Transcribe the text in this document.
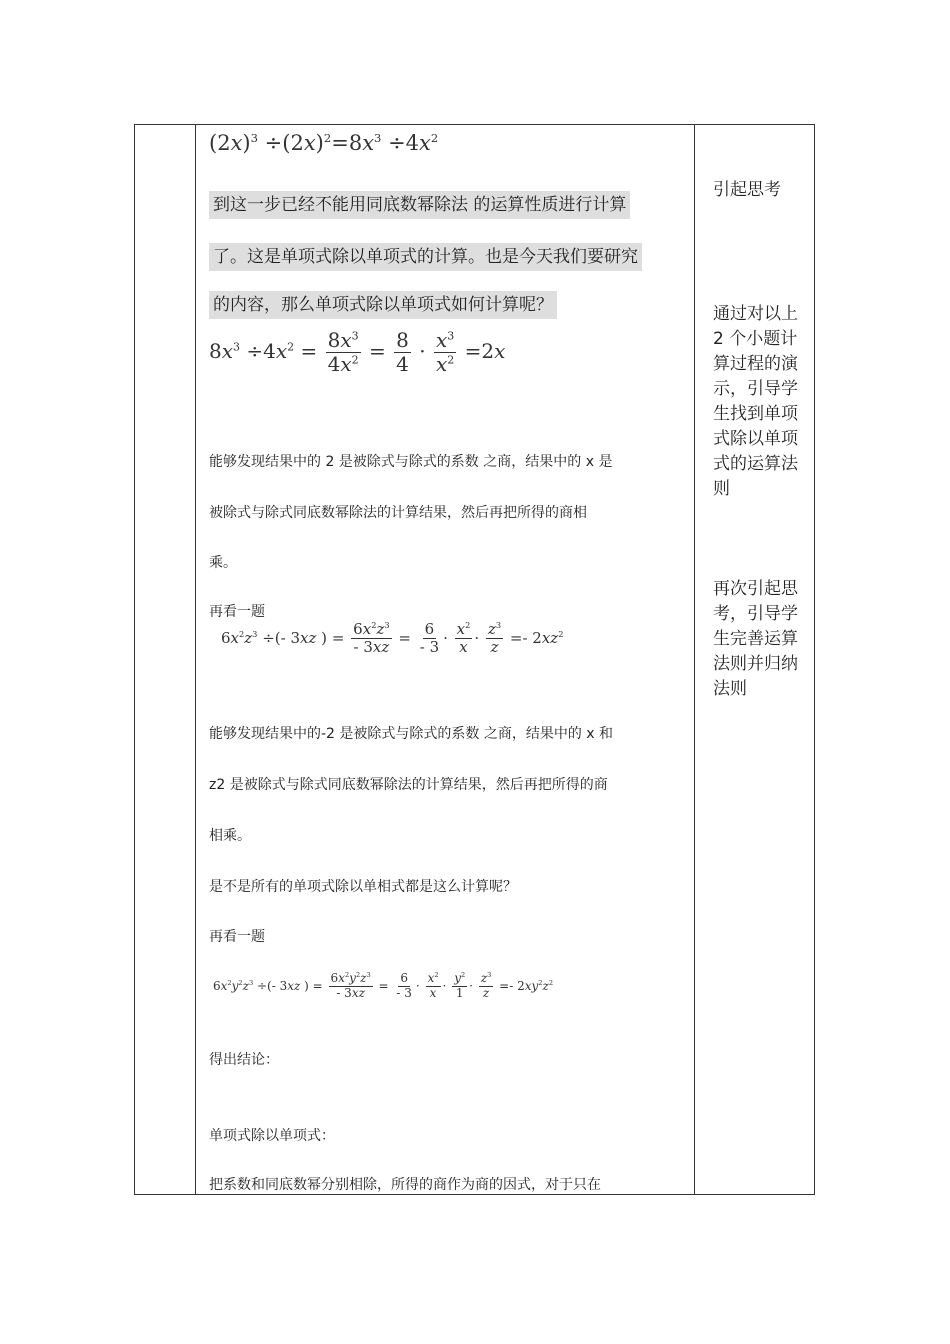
$(2x)^3 \div(2x)^2=8x^3 \div 4x^2$
到这一步已经不能用同底数幂除法 的运算性质进行计算
了。这是单项式除以单项式的计算。也是今天我们要研究
的内容，那么单项式除以单项式如何计算呢？
$8x^3 \div 4x^2 = \frac{8x^3}{4x^2} = \frac{8}{4} \cdot \frac{x^3}{x^2} =2x$
能够发现结果中的 2 是被除式与除式的系数 之商，结果中的 x 是
被除式与除式同底数幂除法的计算结果，然后再把所得的商相
乘。
再看一题
$6x^2z^3$ ÷(- 3xz ) = $\frac{6x^2z^3}{- 3xz} = \frac{6}{- 3} \cdot \frac{x^2}{x} \cdot \frac{z^3}{z} =- 2xz^2$
能够发现结果中的-2 是被除式与除式的系数 之商，结果中的 x 和
z2 是被除式与除式同底数幂除法的计算结果，然后再把所得的商
相乘。
是不是所有的单项式除以单相式都是这么计算呢？
再看一题
$6x^2y^2z^3$ ÷(- 3xz ) = $\frac{6x^2y^2z^3}{- 3xz} = \frac{6}{- 3} \cdot \frac{x^2}{x} \cdot \frac{y^2}{1} \cdot \frac{z^3}{z} =- 2xy^2z^2$
得出结论：
单项式除以单项式：
把系数和同底数幂分别相除，所得的商作为商的因式，对于只在
引起思考
通过对以上 2 个小题计算过程的演示，引导学生找到单项式除以单项式的运算法则
再次引起思考，引导学生完善运算法则并归纳法则
